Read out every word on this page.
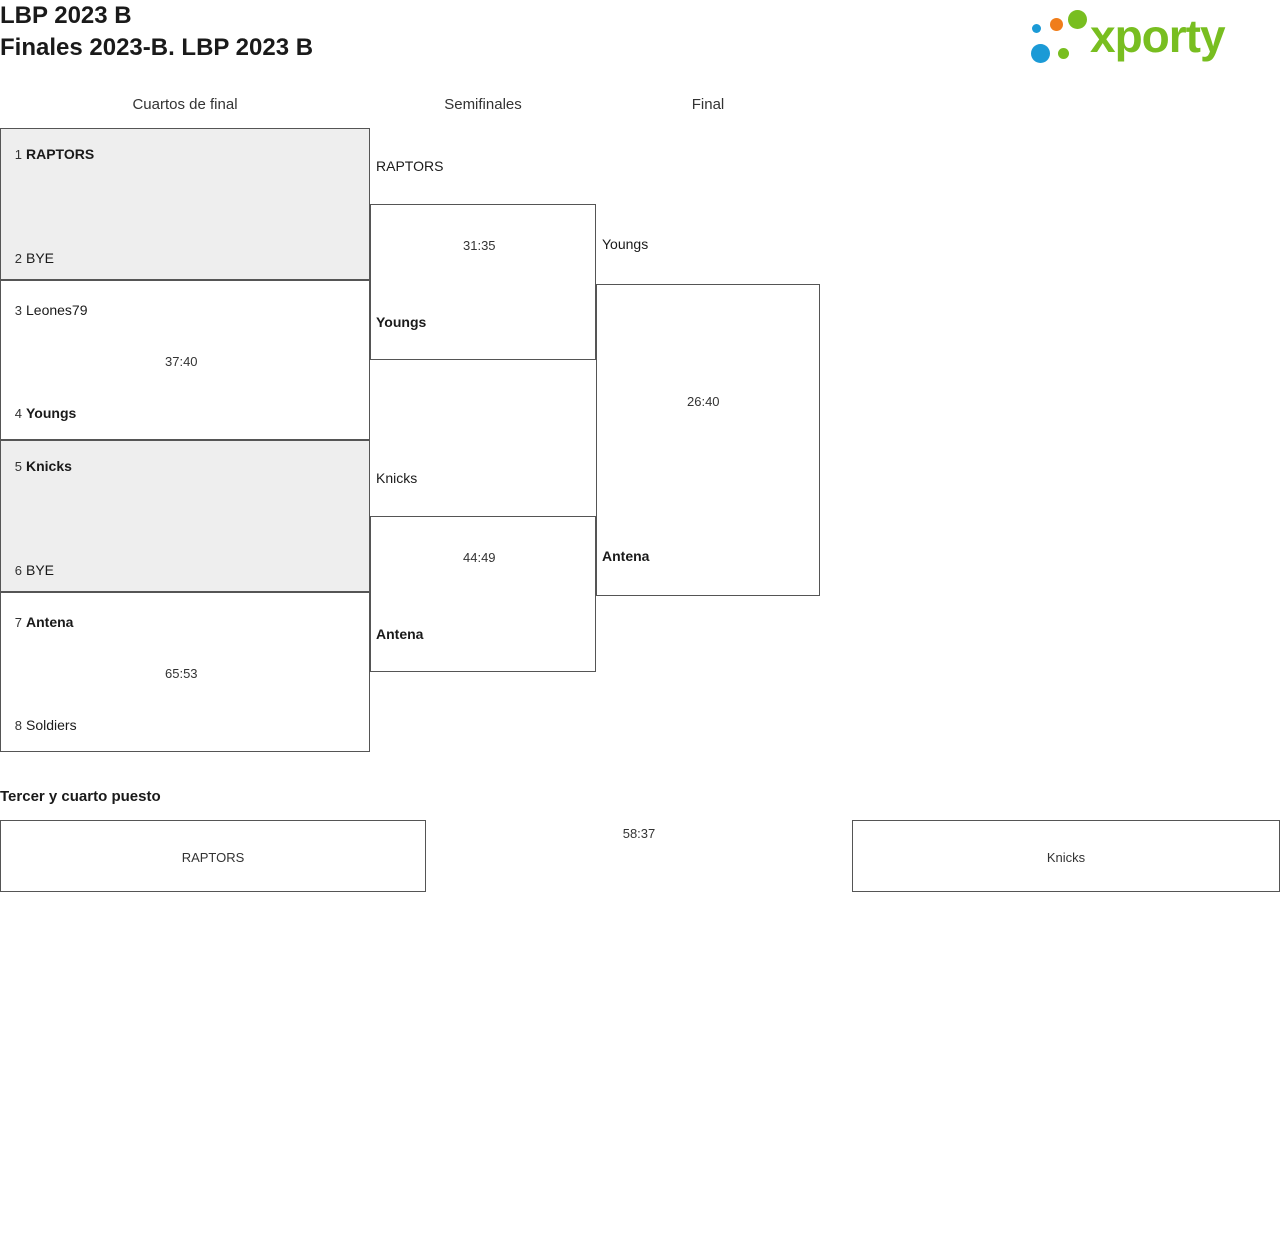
LBP 2023 B
Finales 2023-B. LBP 2023 B	xporty
Cuartos de final	Semifinales	Final
1 RAPTORS
2 BYE
3 Leones79
4 Youngs
37:40
5 Knicks
6 BYE
7 Antena
8 Soldiers
65:53
RAPTORS
Youngs
31:35
Knicks
Antena
44:49
Youngs
Antena
26:40
Tercer y cuarto puesto
RAPTORS	Knicks
58:37
